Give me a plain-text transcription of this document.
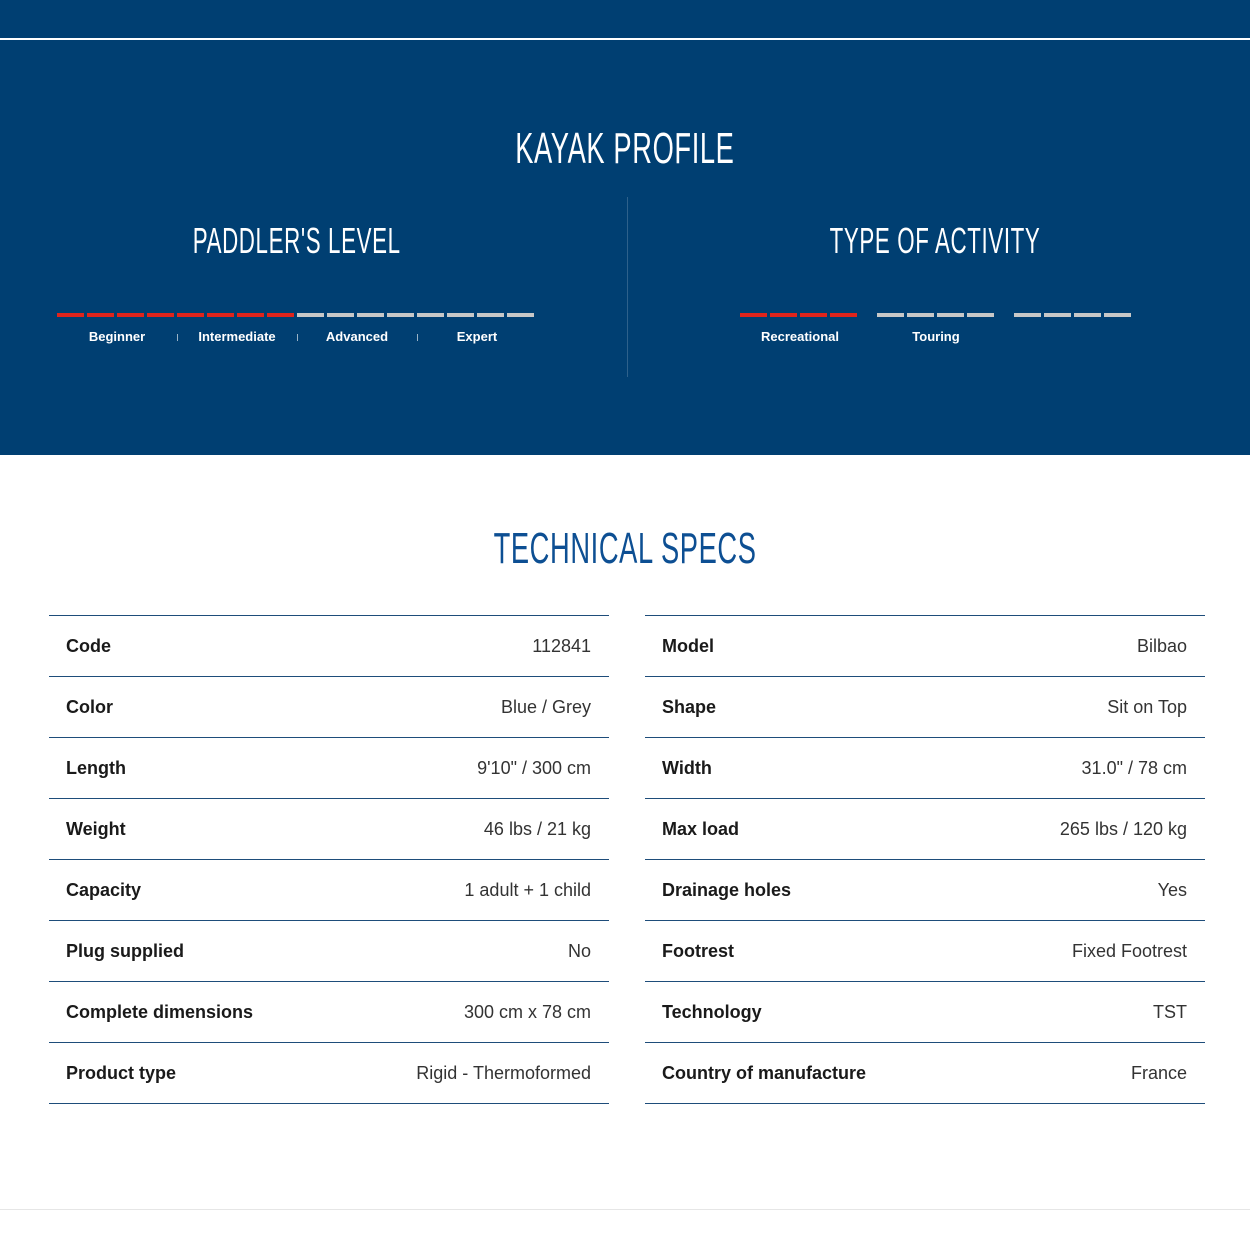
KAYAK PROFILE
PADDLER'S LEVEL
Beginner	Intermediate	Advanced	Expert
TYPE OF ACTIVITY
Recreational	Touring
TECHNICAL SPECS
Code	112841
Color	Blue / Grey
Length	9'10" / 300 cm
Weight	46 lbs / 21 kg
Capacity	1 adult + 1 child
Plug supplied	No
Complete dimensions	300 cm x 78 cm
Product type	Rigid - Thermoformed
Model	Bilbao
Shape	Sit on Top
Width	31.0" / 78 cm
Max load	265 lbs / 120 kg
Drainage holes	Yes
Footrest	Fixed Footrest
Technology	TST
Country of manufacture	France
